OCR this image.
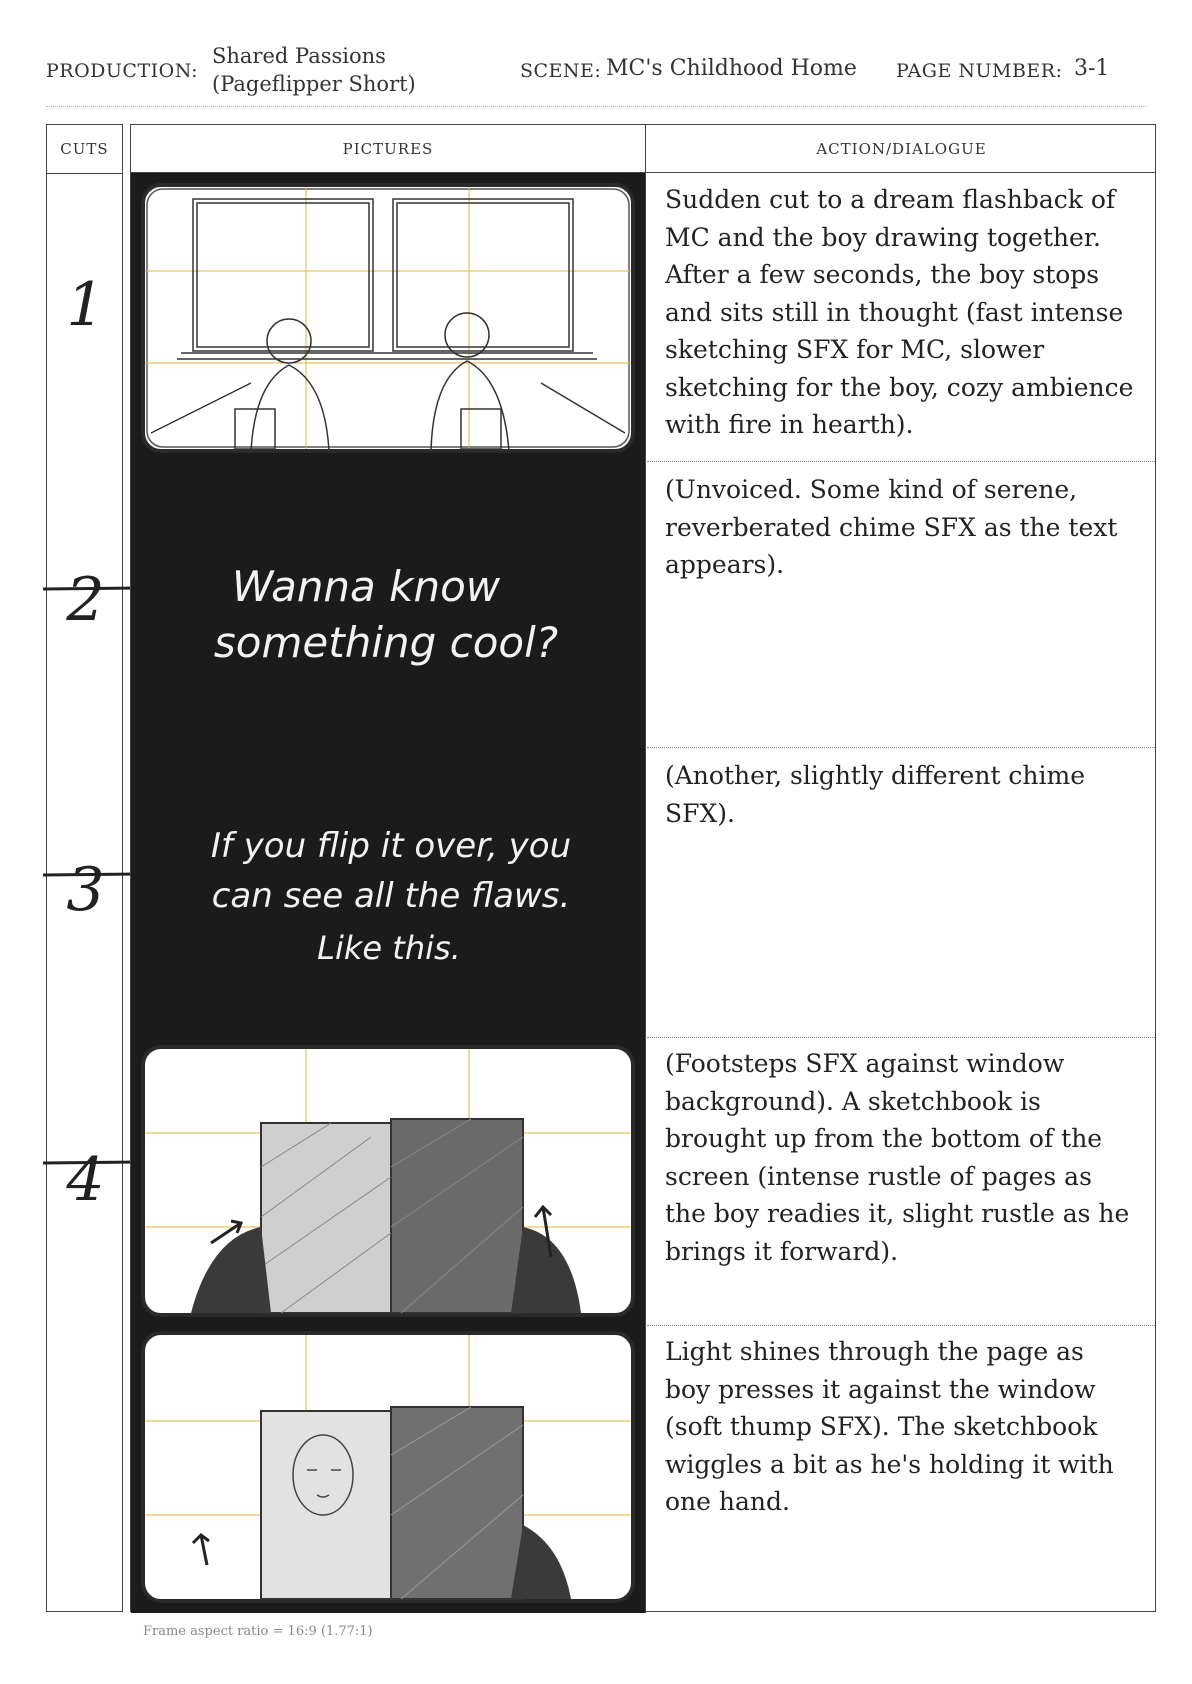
PRODUCTION:
Shared Passions
(Pageflipper Short)
SCENE: MC's Childhood Home PAGE NUMBER: 3-1
CUTS
1
2
3
4
PICTURES	ACTION/DIALOGUE
Sudden cut to a dream flashback of MC and the boy drawing together. After a few seconds, the boy stops and sits still in thought (fast intense sketching SFX for MC, slower sketching for the boy, cozy ambience with fire in hearth).
Wanna know
something cool?
(Unvoiced. Some kind of serene, reverberated chime SFX as the text appears).
If you flip it over, you
can see all the flaws.
Like this.
(Another, slightly different chime SFX).
(Footsteps SFX against window background). A sketchbook is brought up from the bottom of the screen (intense rustle of pages as the boy readies it, slight rustle as he brings it forward).
Light shines through the page as boy presses it against the window (soft thump SFX). The sketchbook wiggles a bit as he's holding it with one hand.
Frame aspect ratio = 16:9 (1.77:1)
